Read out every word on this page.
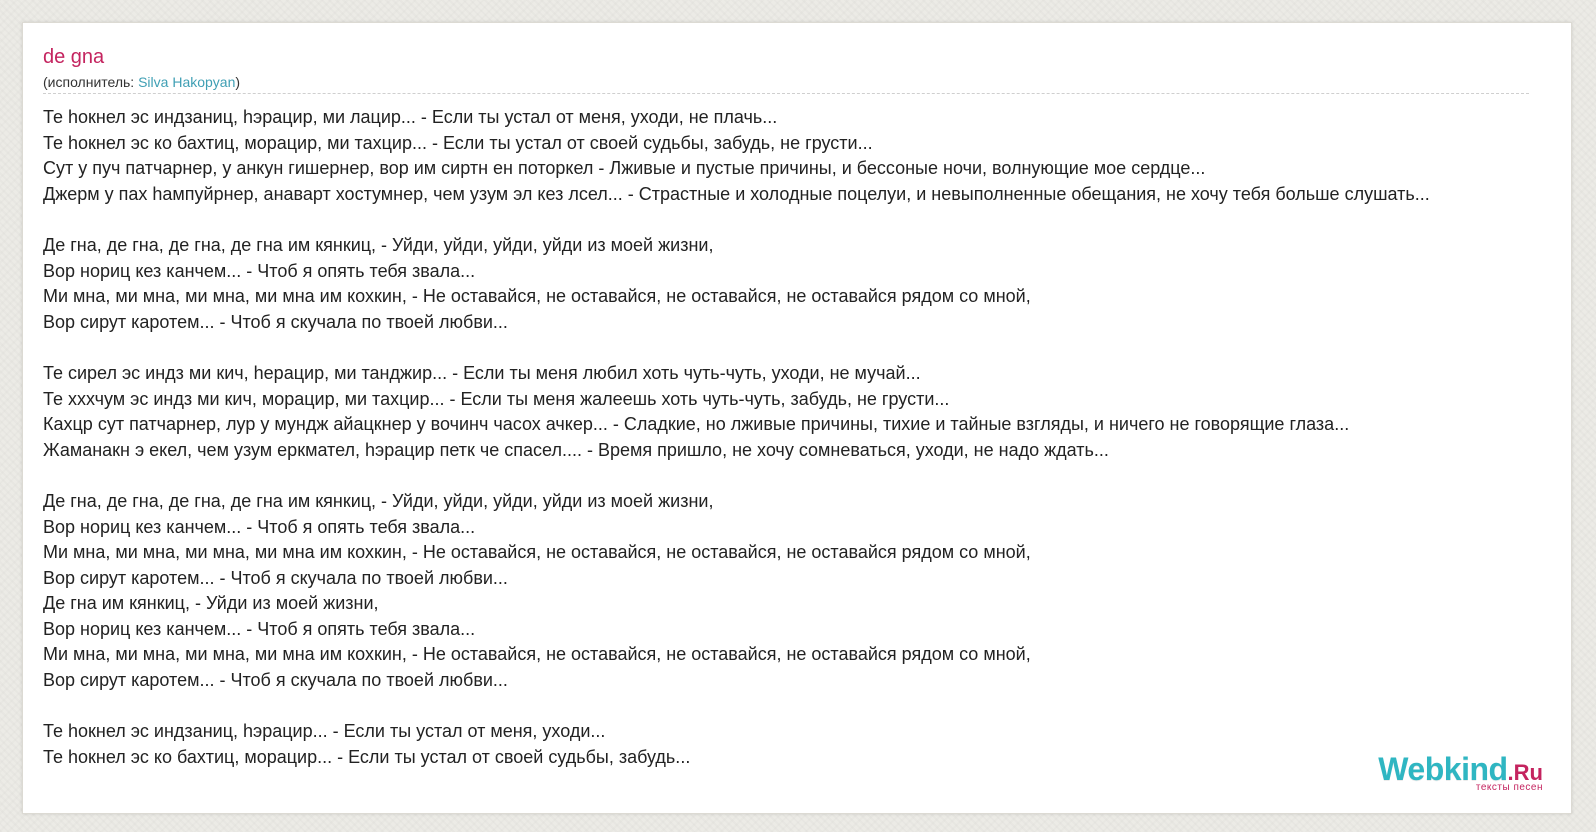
de gna
(исполнитель: Silva Hakopyan)
Те һокнел эс индзаниц, һэрацир, ми лацир... - Если ты устал от меня, уходи, не плачь...
Те һокнел эс ко бахтиц, морацир, ми тахцир... - Если ты устал от своей судьбы, забудь, не грусти...
Сут у пуч патчарнер, у анкун гишернер, вор им сиртн ен поторкел - Лживые и пустые причины, и бессоные ночи, волнующие мое сердце...
Джерм у пах һампуйрнер, анаварт хостумнер, чем узум эл кез лсел... - Страстные и холодные поцелуи, и невыполненные обещания, не хочу тебя больше слушать...
Де гна, де гна, де гна, де гна им кянкиц, - Уйди, уйди, уйди, уйди из моей жизни,
Вор нориц кез канчем... - Чтоб я опять тебя звала...
Ми мна, ми мна, ми мна, ми мна им кохкин, - Не оставайся, не оставайся, не оставайся, не оставайся рядом со мной,
Вор сирут каротем... - Чтоб я скучала по твоей любви...
Те сирел эс индз ми кич, һерацир, ми танджир... - Если ты меня любил хоть чуть-чуть, уходи, не мучай...
Те хххчум эс индз ми кич, морацир, ми тахцир... - Если ты меня жалеешь хоть чуть-чуть, забудь, не грусти...
Кахцр сут патчарнер, лур у мундж айацкнер у вочинч часох ачкер... - Сладкие, но лживые причины, тихие и тайные взгляды, и ничего не говорящие глаза...
Жаманакн э екел, чем узум еркмател, һэрацир петк че спасел.... - Время пришло, не хочу сомневаться, уходи, не надо ждать...
Де гна, де гна, де гна, де гна им кянкиц, - Уйди, уйди, уйди, уйди из моей жизни,
Вор нориц кез канчем... - Чтоб я опять тебя звала...
Ми мна, ми мна, ми мна, ми мна им кохкин, - Не оставайся, не оставайся, не оставайся, не оставайся рядом со мной,
Вор сирут каротем... - Чтоб я скучала по твоей любви...
Де гна им кянкиц, - Уйди из моей жизни,
Вор нориц кез канчем... - Чтоб я опять тебя звала...
Ми мна, ми мна, ми мна, ми мна им кохкин, - Не оставайся, не оставайся, не оставайся, не оставайся рядом со мной,
Вор сирут каротем... - Чтоб я скучала по твоей любви...
Те һокнел эс индзаниц, һэрацир... - Если ты устал от меня, уходи...
Те һокнел эс ко бахтиц, морацир... - Если ты устал от своей судьбы, забудь...	Webkind.Ru
тексты песен
